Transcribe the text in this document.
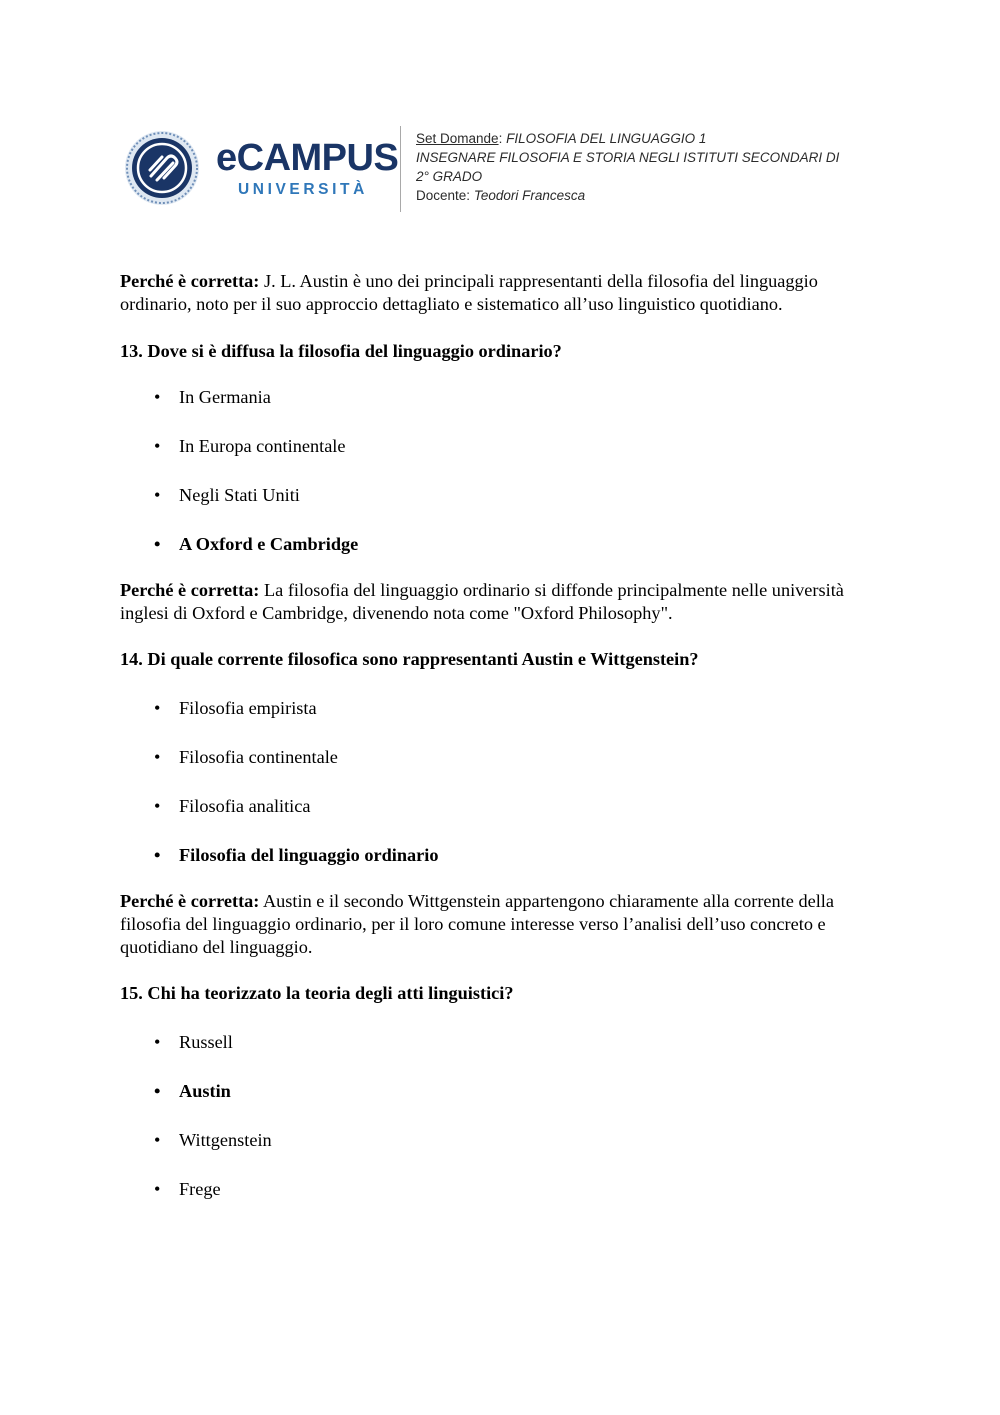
eCAMPUS
UNIVERSITÀ
Set Domande: FILOSOFIA DEL LINGUAGGIO 1
INSEGNARE FILOSOFIA E STORIA NEGLI ISTITUTI SECONDARI DI
2° GRADO
Docente: Teodori Francesca

Perché è corretta: J. L. Austin è uno dei principali rappresentanti della filosofia del linguaggio ordinario, noto per il suo approccio dettagliato e sistematico all’uso linguistico quotidiano.

13. Dove si è diffusa la filosofia del linguaggio ordinario?

• In Germania
• In Europa continentale
• Negli Stati Uniti
• A Oxford e Cambridge

Perché è corretta: La filosofia del linguaggio ordinario si diffonde principalmente nelle università inglesi di Oxford e Cambridge, divenendo nota come "Oxford Philosophy".

14. Di quale corrente filosofica sono rappresentanti Austin e Wittgenstein?

• Filosofia empirista
• Filosofia continentale
• Filosofia analitica
• Filosofia del linguaggio ordinario

Perché è corretta: Austin e il secondo Wittgenstein appartengono chiaramente alla corrente della filosofia del linguaggio ordinario, per il loro comune interesse verso l’analisi dell’uso concreto e quotidiano del linguaggio.

15. Chi ha teorizzato la teoria degli atti linguistici?

• Russell
• Austin
• Wittgenstein
• Frege
